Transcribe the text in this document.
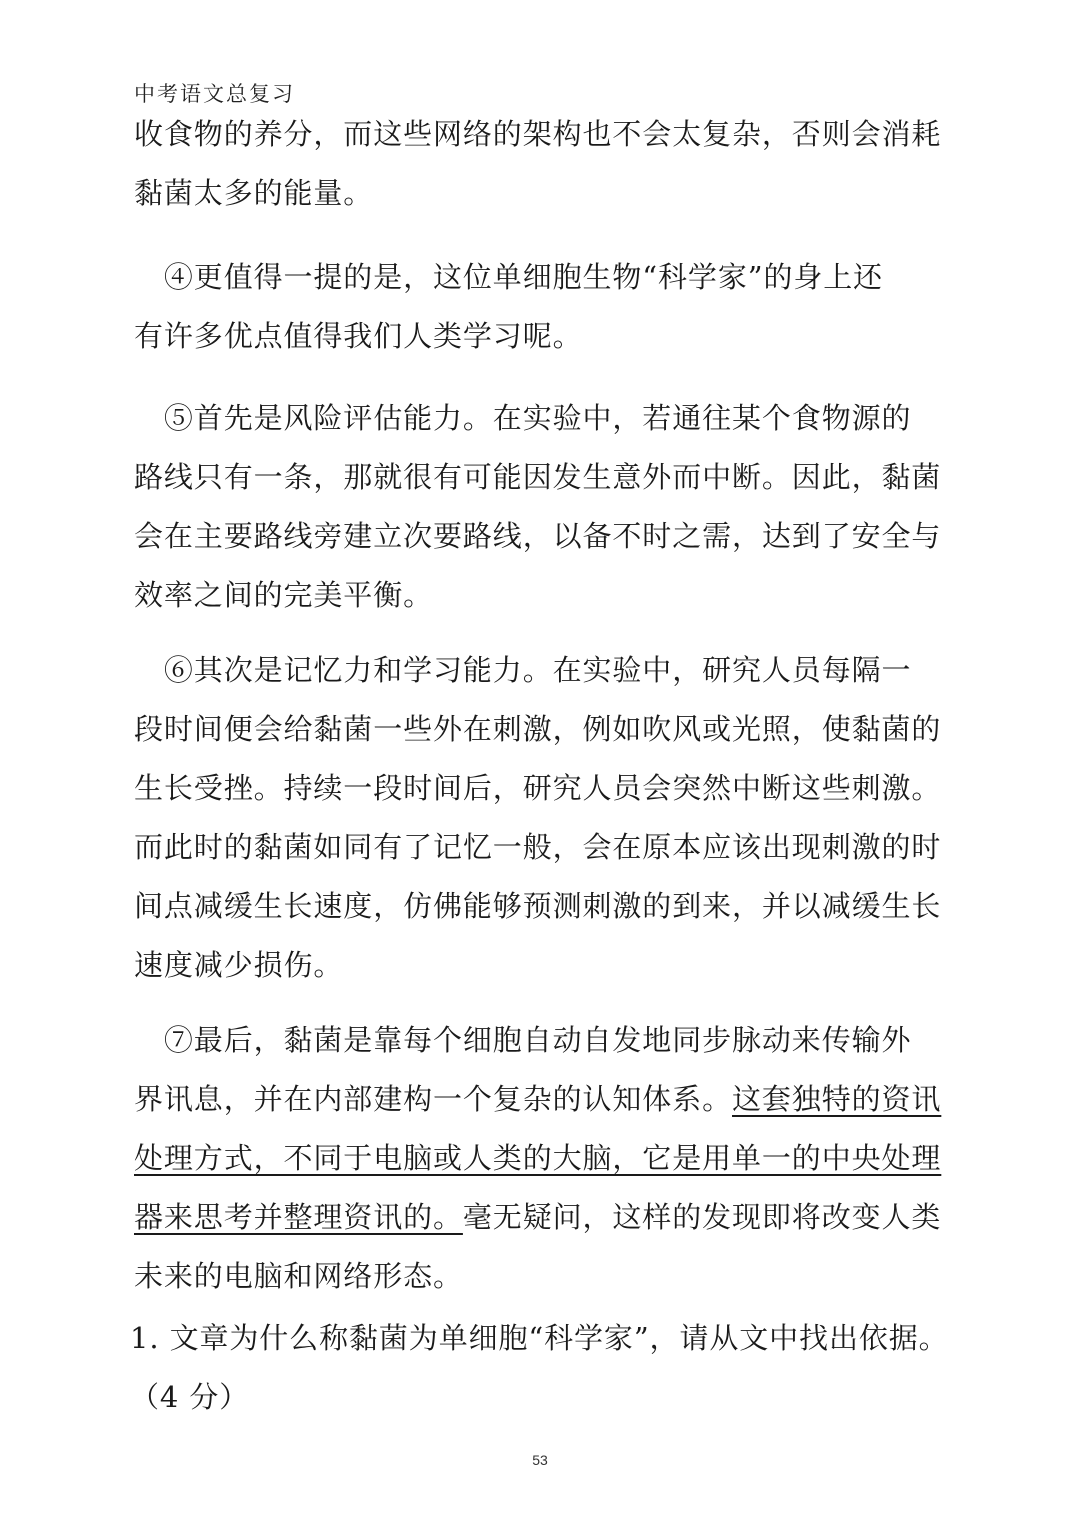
中考语文总复习
收食物的养分，而这些网络的架构也不会太复杂，否则会消耗
黏菌太多的能量。
　④更值得一提的是，这位单细胞生物“科学家”的身上还
有许多优点值得我们人类学习呢。
　⑤首先是风险评估能力。在实验中，若通往某个食物源的
路线只有一条，那就很有可能因发生意外而中断。因此，黏菌
会在主要路线旁建立次要路线，以备不时之需，达到了安全与
效率之间的完美平衡。
　⑥其次是记忆力和学习能力。在实验中，研究人员每隔一
段时间便会给黏菌一些外在刺激，例如吹风或光照，使黏菌的
生长受挫。持续一段时间后，研究人员会突然中断这些刺激。
而此时的黏菌如同有了记忆一般，会在原本应该出现刺激的时
间点减缓生长速度，仿佛能够预测刺激的到来，并以减缓生长
速度减少损伤。
　⑦最后，黏菌是靠每个细胞自动自发地同步脉动来传输外
界讯息，并在内部建构一个复杂的认知体系。这套独特的资讯
处理方式，不同于电脑或人类的大脑，它是用单一的中央处理
器来思考并整理资讯的。毫无疑问，这样的发现即将改变人类
未来的电脑和网络形态。
1. 文章为什么称黏菌为单细胞“科学家”，请从文中找出依据。
（4 分）
53
